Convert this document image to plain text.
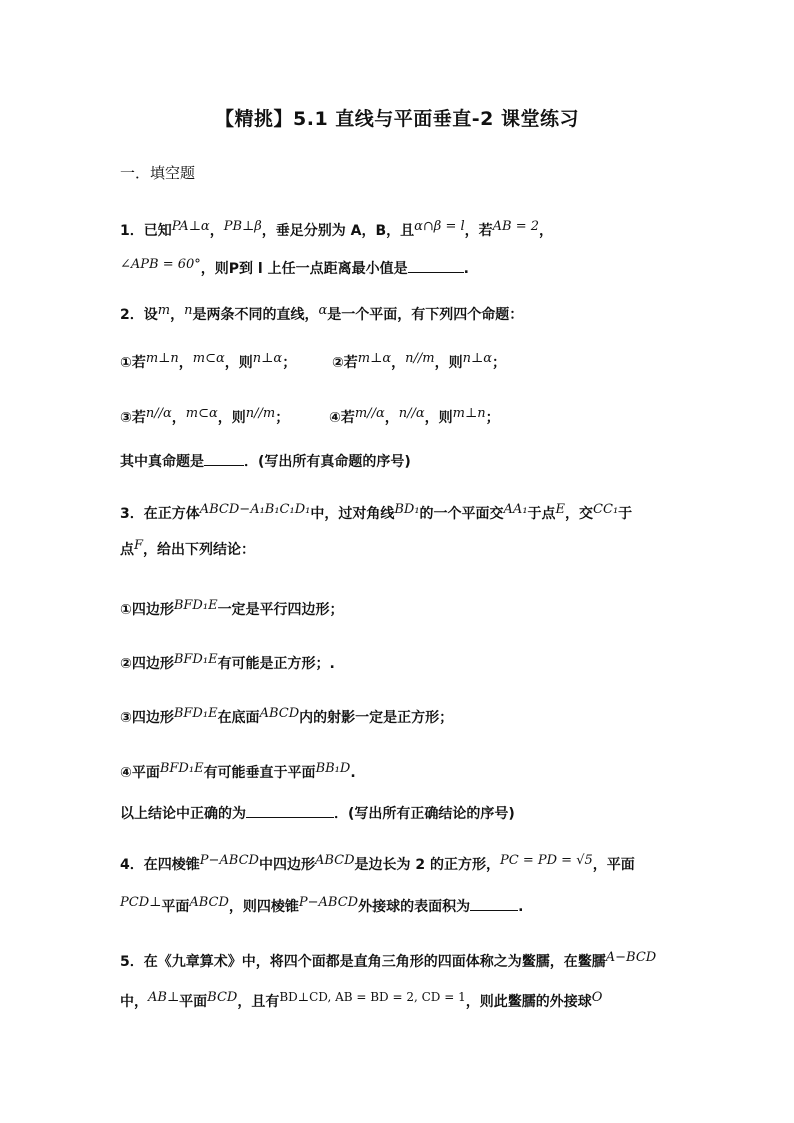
【精挑】5.1 直线与平面垂直-2 课堂练习
一．填空题
1．已知PA⊥α，PB⊥β，垂足分别为 A，B，且α∩β = l，若AB = 2，
∠APB = 60°，则P到 l 上任一点距离最小值是	.
2．设m，n是两条不同的直线，α是一个平面，有下列四个命题：
①若m⊥n，m⊂α，则n⊥α；	②若m⊥α，n//m，则n⊥α；
③若n//α，m⊂α，则n//m；	④若m//α，n//α，则m⊥n；
其中真命题是	．(写出所有真命题的序号)
3．在正方体ABCD−A₁B₁C₁D₁中，过对角线BD₁的一个平面交AA₁于点E，交CC₁于
点F，给出下列结论：
①四边形BFD₁E一定是平行四边形；
②四边形BFD₁E有可能是正方形；.
③四边形BFD₁E在底面ABCD内的射影一定是正方形；
④平面BFD₁E有可能垂直于平面BB₁D.
以上结论中正确的为	．(写出所有正确结论的序号)
4．在四棱锥P−ABCD中四边形ABCD是边长为 2 的正方形，PC = PD = √5，平面
PCD⊥平面ABCD，则四棱锥P−ABCD外接球的表面积为	.
5．在《九章算术》中，将四个面都是直角三角形的四面体称之为鳖臑，在鳖臑A−BCD
中，AB⊥平面BCD，且有BD⊥CD, AB = BD = 2, CD = 1，则此鳖臑的外接球O
